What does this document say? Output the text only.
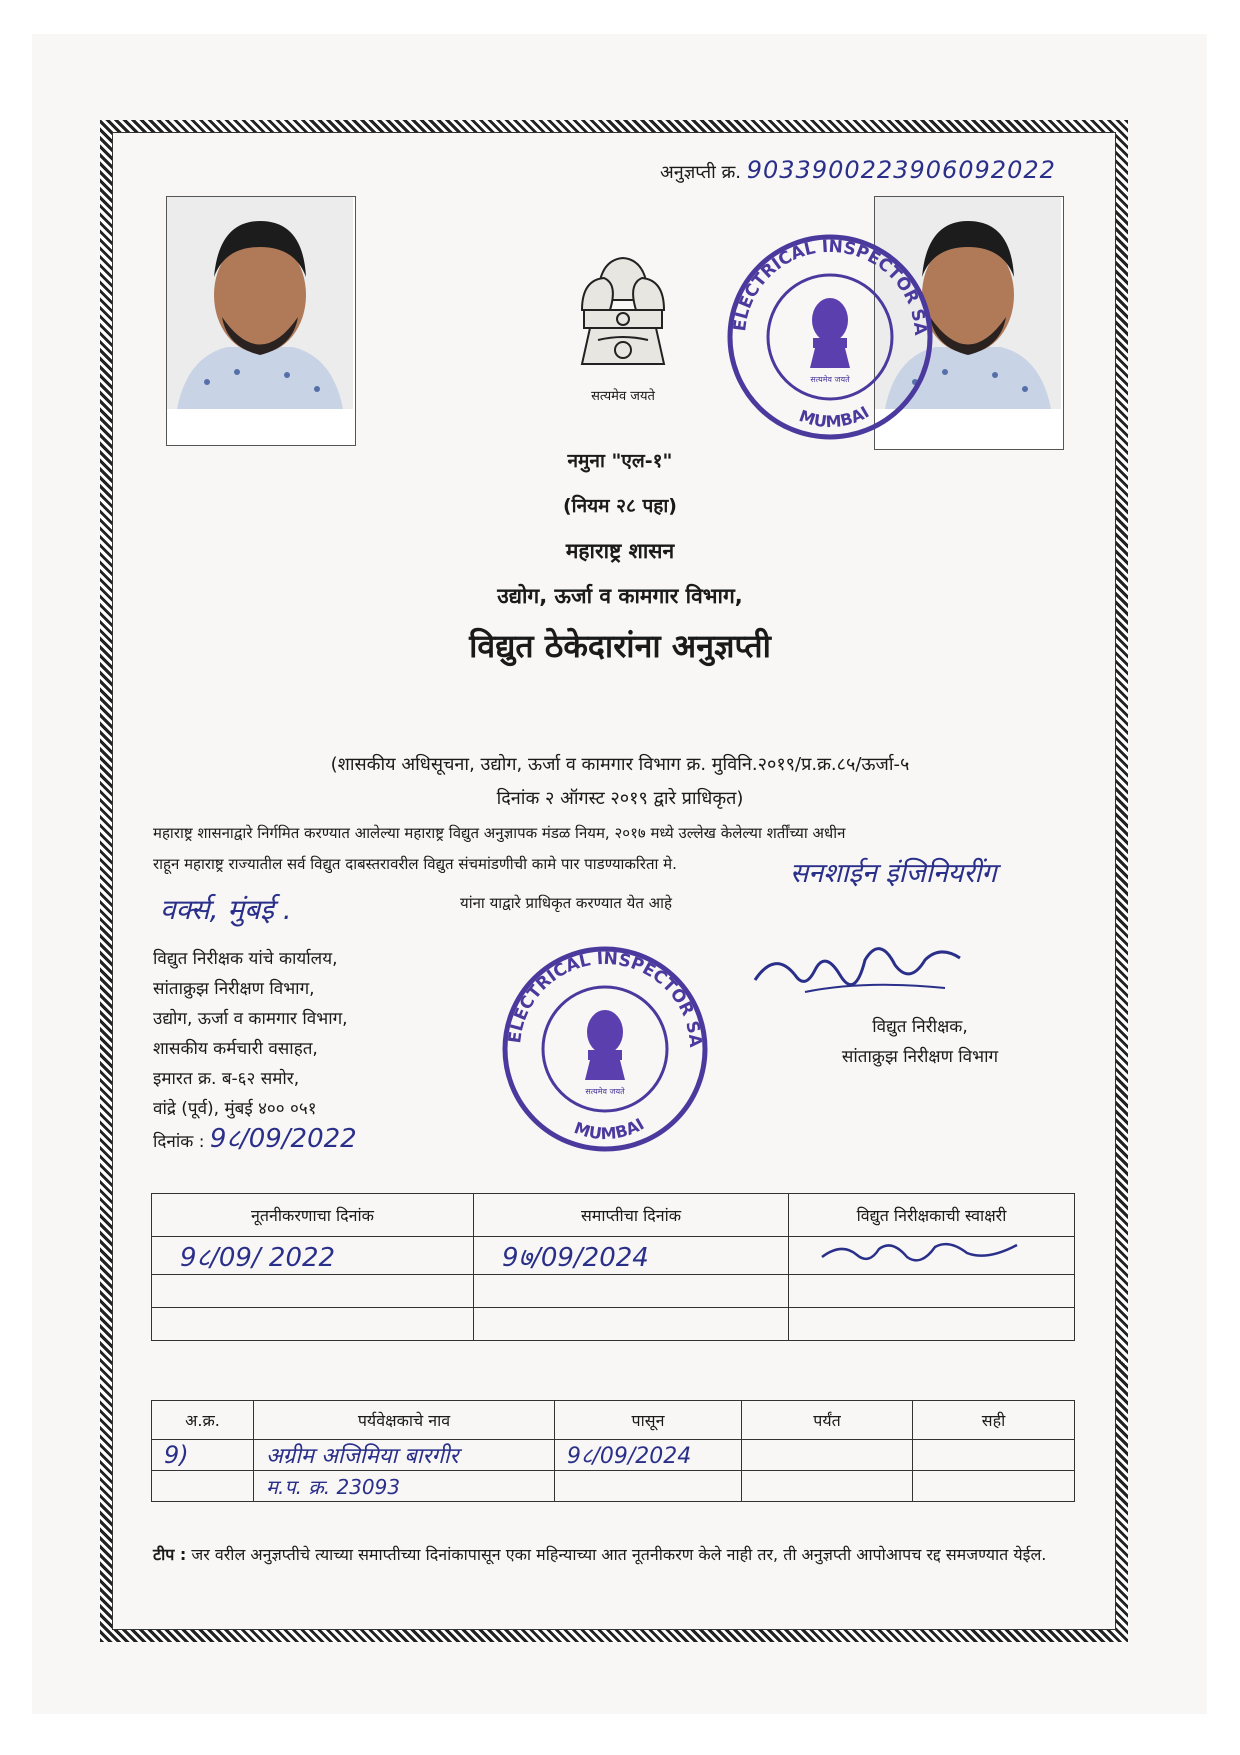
अनुज्ञप्ती क्र. 9033900223906092022
सत्यमेव जयते
ELECTRICAL INSPECTOR SA
MUMBAI
सत्यमेव जयते
नमुना "एल-१"
(नियम २८ पहा)
महाराष्ट्र शासन
उद्योग, ऊर्जा व कामगार विभाग,
विद्युत ठेकेदारांना अनुज्ञप्ती
(शासकीय अधिसूचना, उद्योग, ऊर्जा व कामगार विभाग क्र. मुविनि.२०१९/प्र.क्र.८५/ऊर्जा-५
दिनांक २ ऑगस्ट २०१९ द्वारे प्राधिकृत)
महाराष्ट्र शासनाद्वारे निर्गमित करण्यात आलेल्या महाराष्ट्र विद्युत अनुज्ञापक मंडळ नियम, २०१७ मध्ये उल्लेख केलेल्या शर्तींच्या अधीन
राहून महाराष्ट्र राज्यातील सर्व विद्युत दाबस्तरावरील विद्युत संचमांडणीची कामे पार पाडण्याकरिता मे.	सनशाईन इंजिनियरींग
वर्क्स, मुंबई .	यांना याद्वारे प्राधिकृत करण्यात येत आहे
विद्युत निरीक्षक यांचे कार्यालय,
सांताक्रुझ निरीक्षण विभाग,
उद्योग, ऊर्जा व कामगार विभाग,
शासकीय कर्मचारी वसाहत,
इमारत क्र. ब-६२ समोर,
वांद्रे (पूर्व), मुंबई ४०० ०५१
दिनांक : 9८/09/2022
ELECTRICAL INSPECTOR SA
MUMBAI
सत्यमेव जयते
विद्युत निरीक्षक,
सांताक्रुझ निरीक्षण विभाग
नूतनीकरणाचा दिनांक	समाप्तीचा दिनांक	विद्युत निरीक्षकाची स्वाक्षरी
9८/09/ 2022	9७/09/2024	

अ.क्र.	पर्यवेक्षकाचे नाव	पासून	पर्यंत	सही
9)	अग्रीम अजिमिया बारगीर	9८/09/2024		
	म.प. क्र. 23093			
टीप : जर वरील अनुज्ञप्तीचे त्याच्या समाप्तीच्या दिनांकापासून एका महिन्याच्या आत नूतनीकरण केले नाही तर, ती अनुज्ञप्ती आपोआपच रद्द समजण्यात येईल.
